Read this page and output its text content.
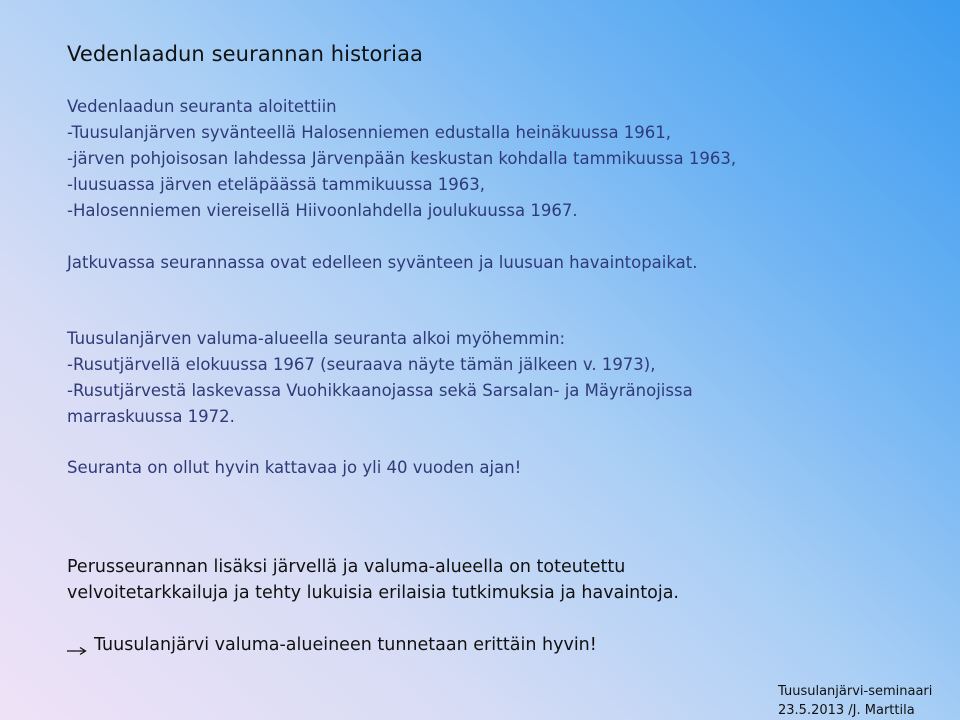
Vedenlaadun seurannan historiaa
Vedenlaadun seuranta aloitettiin
-Tuusulanjärven syvänteellä Halosenniemen edustalla heinäkuussa 1961,
-järven pohjoisosan lahdessa Järvenpään keskustan kohdalla tammikuussa 1963,
-luusuassa järven eteläpäässä tammikuussa 1963,
-Halosenniemen viereisellä Hiivoonlahdella joulukuussa 1967.
Jatkuvassa seurannassa ovat edelleen syvänteen ja luusuan havaintopaikat.
Tuusulanjärven valuma-alueella seuranta alkoi myöhemmin:
-Rusutjärvellä elokuussa 1967 (seuraava näyte tämän jälkeen v. 1973),
-Rusutjärvestä laskevassa Vuohikkaanojassa sekä Sarsalan- ja Mäyränojissa
marraskuussa 1972.
Seuranta on ollut hyvin kattavaa jo yli 40 vuoden ajan!
Perusseurannan lisäksi järvellä ja valuma-alueella on toteutettu
velvoitetarkkailuja ja tehty lukuisia erilaisia tutkimuksia ja havaintoja.
Tuusulanjärvi valuma-alueineen tunnetaan erittäin hyvin!
Tuusulanjärvi-seminaari
23.5.2013 /J. Marttila
